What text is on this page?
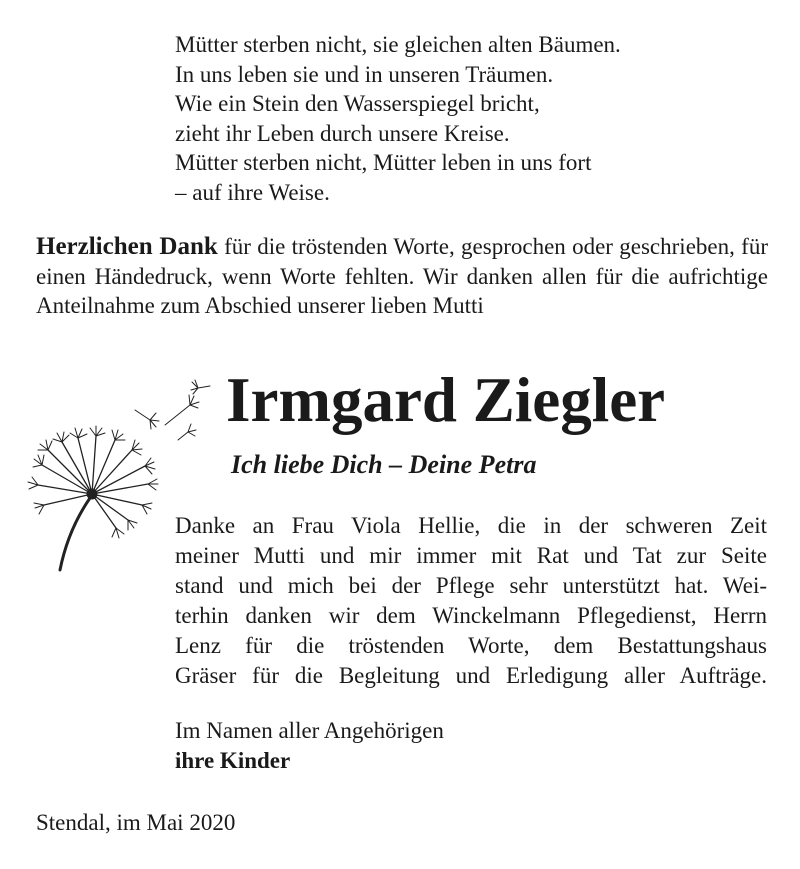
Mütter sterben nicht, sie gleichen alten Bäumen.
In uns leben sie und in unseren Träumen.
Wie ein Stein den Wasserspiegel bricht,
zieht ihr Leben durch unsere Kreise.
Mütter sterben nicht, Mütter leben in uns fort
– auf ihre Weise.
Herzlichen Dank für die tröstenden Worte, gesprochen oder geschrieben, für einen Händedruck, wenn Worte fehlten. Wir danken allen für die aufrichtige Anteilnahme zum Abschied unserer lieben Mutti
Irmgard Ziegler
Ich liebe Dich – Deine Petra
Danke an Frau Viola Hellie, die in der schweren Zeit
meiner Mutti und mir immer mit Rat und Tat zur Seite
stand und mich bei der Pflege sehr unterstützt hat. Wei-
terhin danken wir dem Winckelmann Pflegedienst, Herrn
Lenz für die tröstenden Worte, dem Bestattungshaus
Gräser für die Begleitung und Erledigung aller Aufträge.
Im Namen aller Angehörigen
ihre Kinder
Stendal, im Mai 2020
